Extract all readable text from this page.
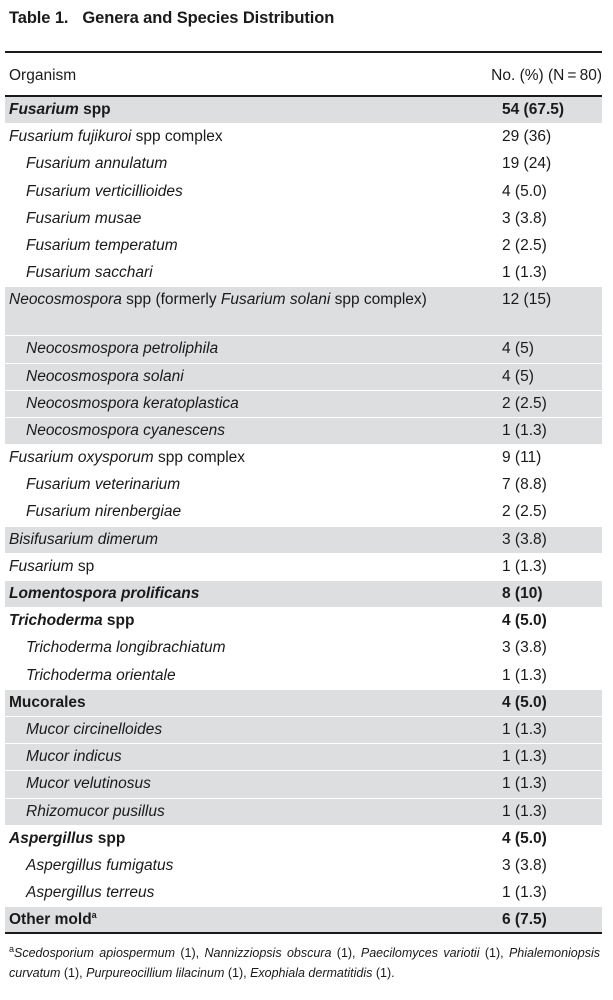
Table 1. Genera and Species Distribution
Organism	No. (%) (N = 80)
Fusarium spp	54 (67.5)
Fusarium fujikuroi spp complex	29 (36)
Fusarium annulatum	19 (24)
Fusarium verticillioides	4 (5.0)
Fusarium musae	3 (3.8)
Fusarium temperatum	2 (2.5)
Fusarium sacchari	1 (1.3)
Neocosmospora spp (formerly Fusarium solani spp complex)	12 (15)
Neocosmospora petroliphila	4 (5)
Neocosmospora solani	4 (5)
Neocosmospora keratoplastica	2 (2.5)
Neocosmospora cyanescens	1 (1.3)
Fusarium oxysporum spp complex	9 (11)
Fusarium veterinarium	7 (8.8)
Fusarium nirenbergiae	2 (2.5)
Bisifusarium dimerum	3 (3.8)
Fusarium sp	1 (1.3)
Lomentospora prolificans	8 (10)
Trichoderma spp	4 (5.0)
Trichoderma longibrachiatum	3 (3.8)
Trichoderma orientale	1 (1.3)
Mucorales	4 (5.0)
Mucor circinelloides	1 (1.3)
Mucor indicus	1 (1.3)
Mucor velutinosus	1 (1.3)
Rhizomucor pusillus	1 (1.3)
Aspergillus spp	4 (5.0)
Aspergillus fumigatus	3 (3.8)
Aspergillus terreus	1 (1.3)
Other mold$^a$	6 (7.5)
$^a$Scedosporium apiospermum (1), Nannizziopsis obscura (1), Paecilomyces variotii (1), Phialemoniopsis curvatum (1), Purpureocillium lilacinum (1), Exophiala dermatitidis (1).
